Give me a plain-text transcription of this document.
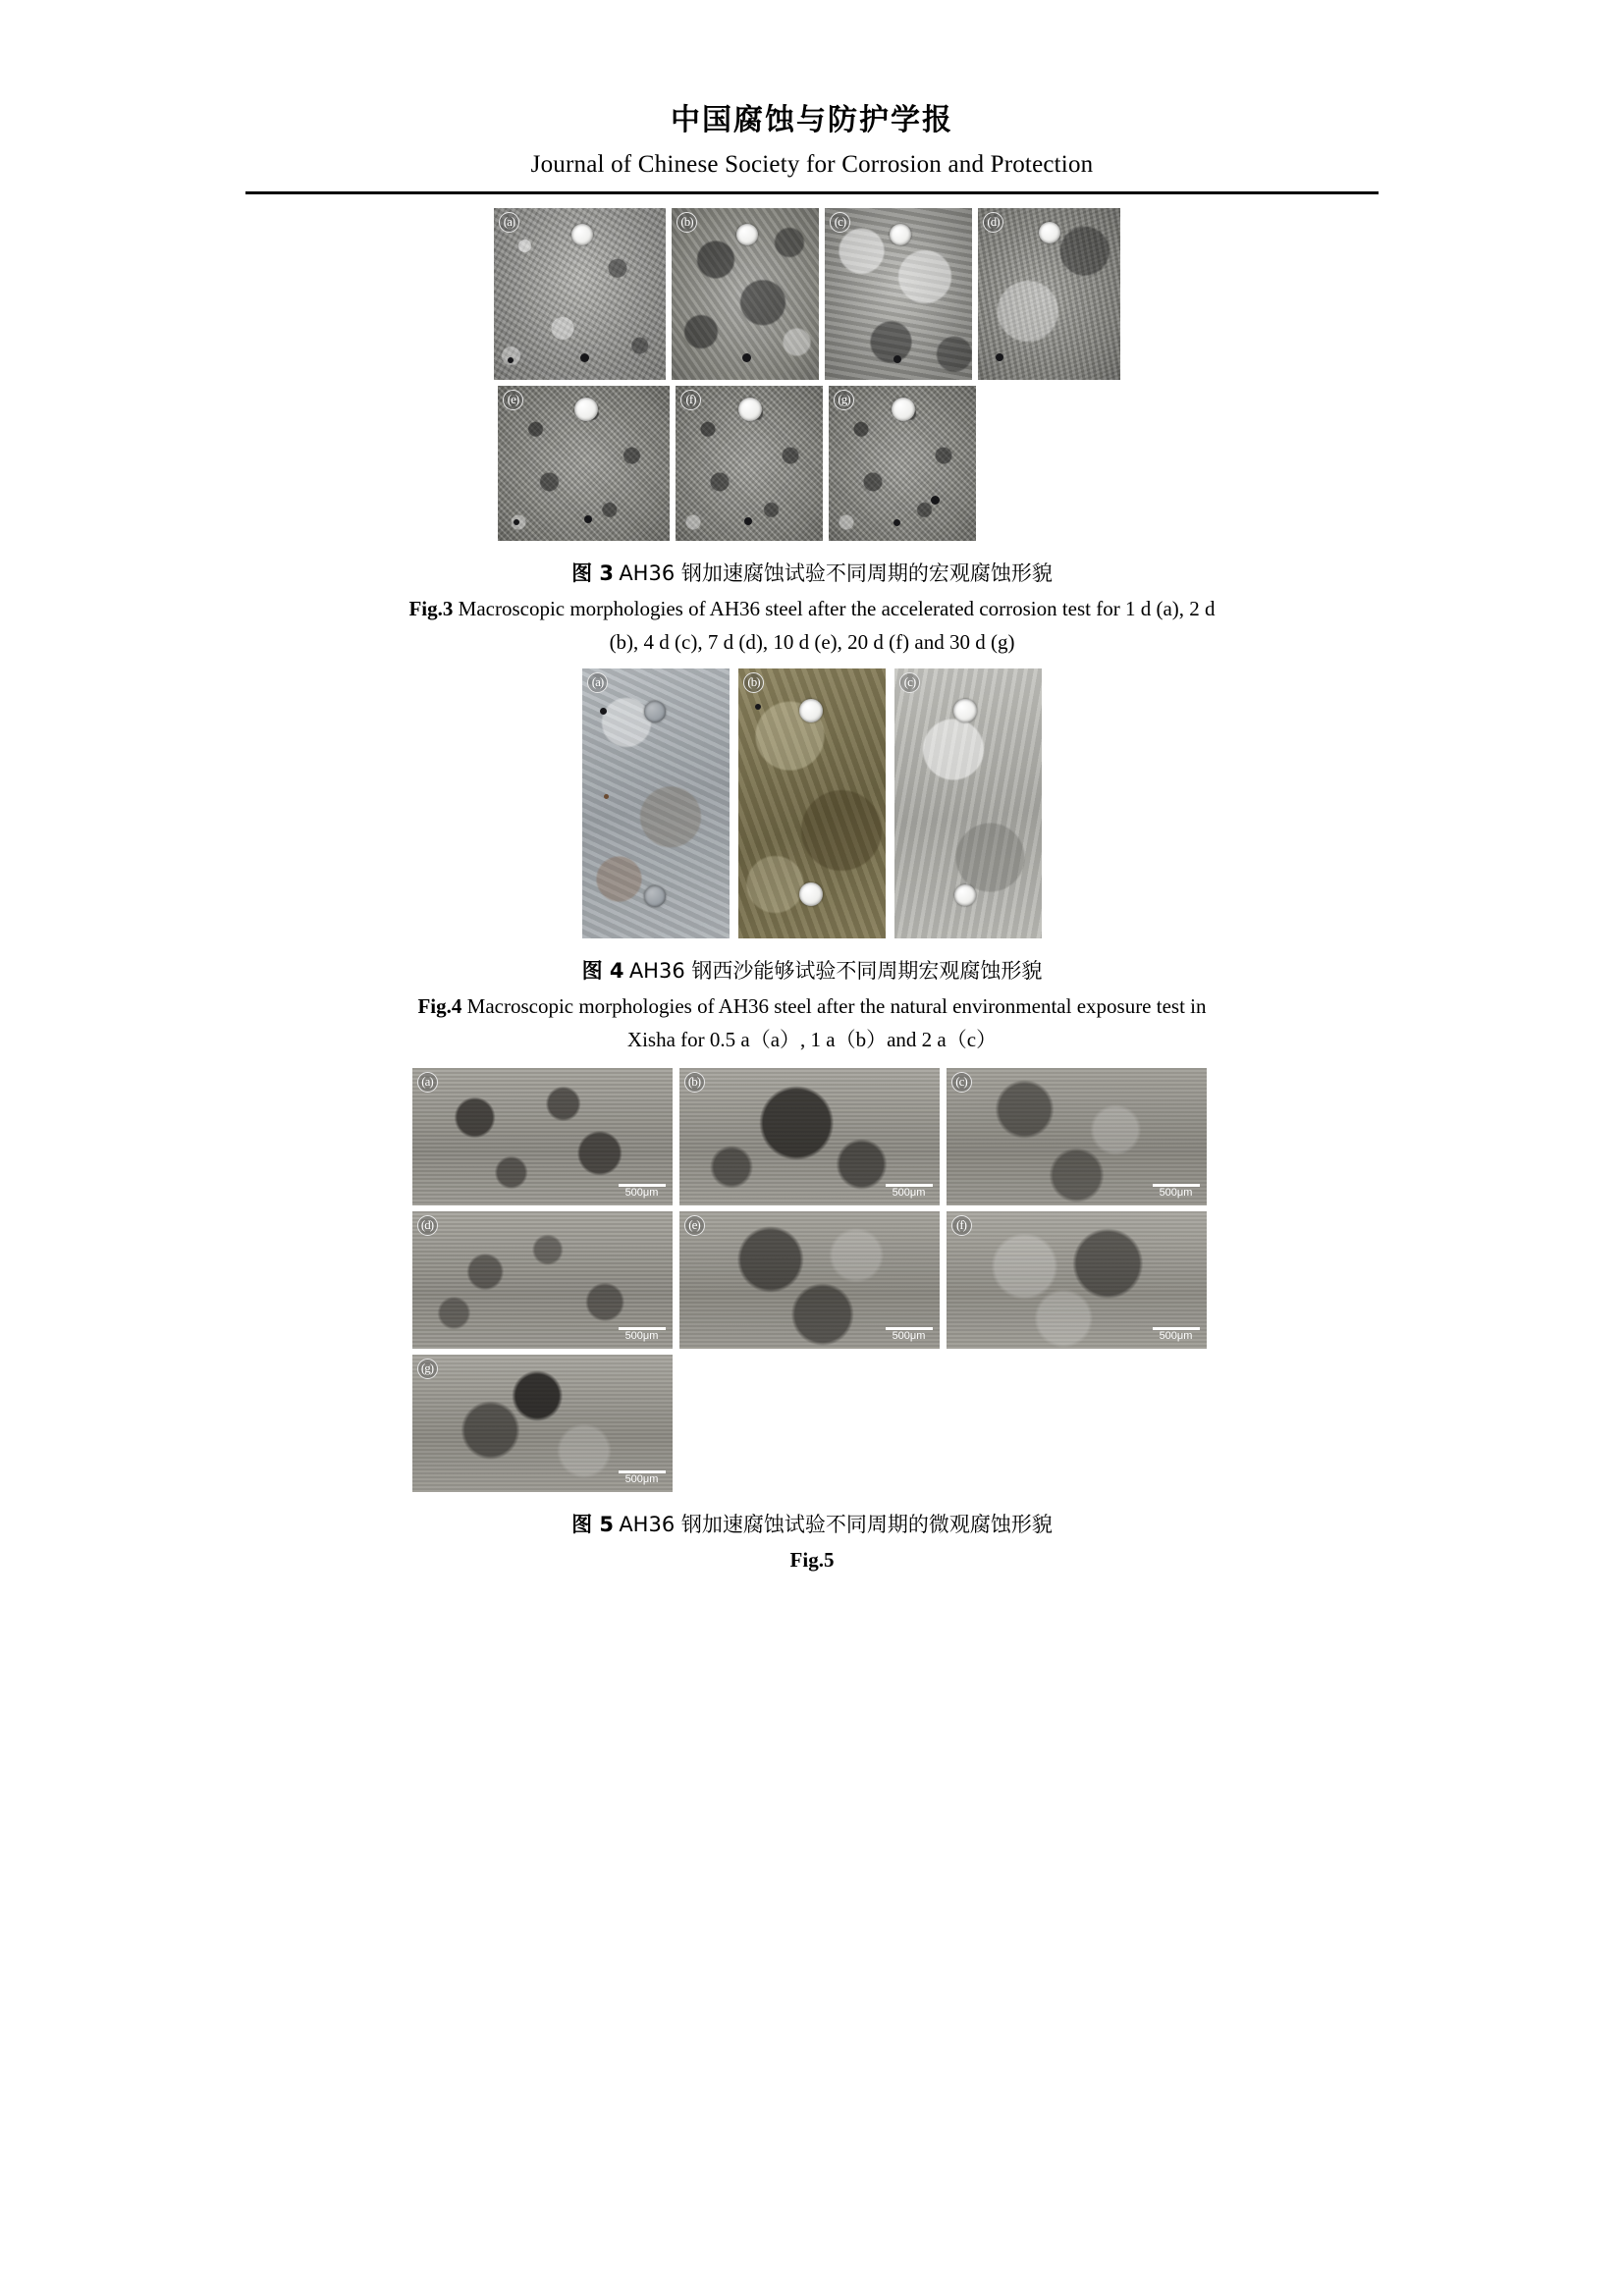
中国腐蚀与防护学报
Journal of Chinese Society for Corrosion and Protection
(a)	(b)	(c)	(d)
(e)	(f)	(g)
图 3 AH36 钢加速腐蚀试验不同周期的宏观腐蚀形貌
Fig.3 Macroscopic morphologies of AH36 steel after the accelerated corrosion test for 1 d (a), 2 d
(b), 4 d (c), 7 d (d), 10 d (e), 20 d (f) and 30 d (g)
(a)	(b)	(c)
图 4 AH36 钢西沙能够试验不同周期宏观腐蚀形貌
Fig.4 Macroscopic morphologies of AH36 steel after the natural environmental exposure test in
Xisha for 0.5 a（a）, 1 a（b）and 2 a（c）
(a)
500μm
(b)
500μm
(c)
500μm
(d)
500μm
(e)
500μm
(f)
500μm
(g)
500μm
图 5 AH36 钢加速腐蚀试验不同周期的微观腐蚀形貌
Fig.5
